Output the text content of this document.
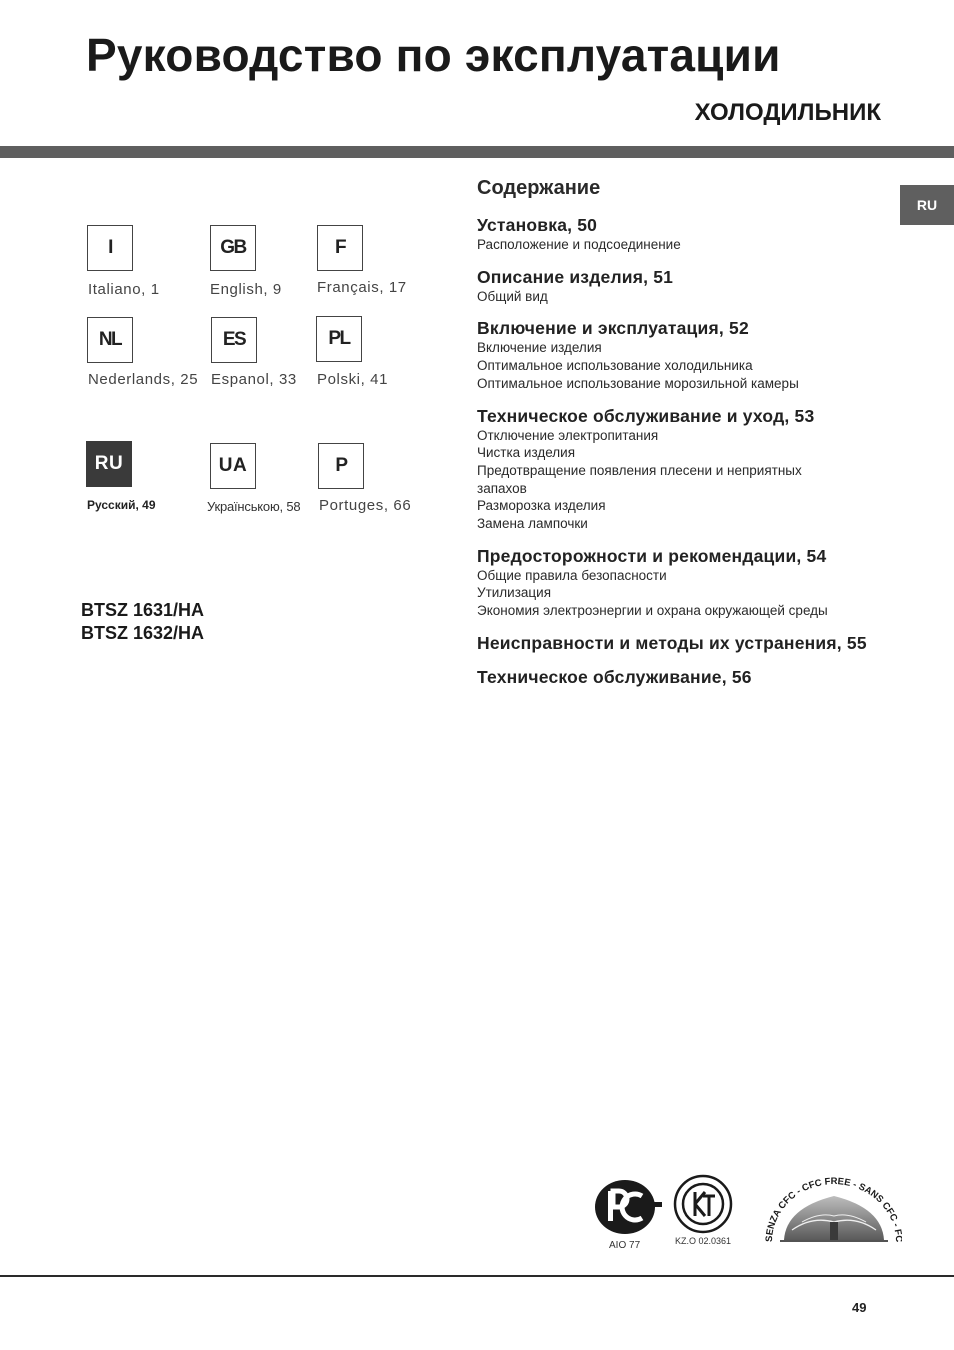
Руководство по эксплуатации
ХОЛОДИЛЬНИК
RU
I
Italiano, 1
GB
English, 9
F
Français, 17
NL
Nederlands, 25
ES
Espanol, 33
PL
Polski, 41
RU
Русский, 49
UA
Українською, 58
P
Portuges, 66
BTSZ 1631/HA
BTSZ 1632/HA
Содержание
Установка, 50
Расположение и подсоединение
Описание изделия, 51
Общий вид
Включение и эксплуатация, 52
Включение изделия
Оптимальное использование холодильника
Оптимальное использование морозильной камеры
Техническое обслуживание и уход, 53
Отключение электропитания
Чистка изделия
Предотвращение появления плесени и неприятных
запахов
Разморозка изделия
Замена лампочки
Предосторожности и рекомендации, 54
Общие правила безопасности
Утилизация
Экономия электроэнергии и охрана окружающей среды
Неисправности и методы их устранения, 55
Техническое обслуживание, 56
AIO 77	KZ.O 02.0361	SENZA CFC - CFC FREE - SANS CFC -
49
